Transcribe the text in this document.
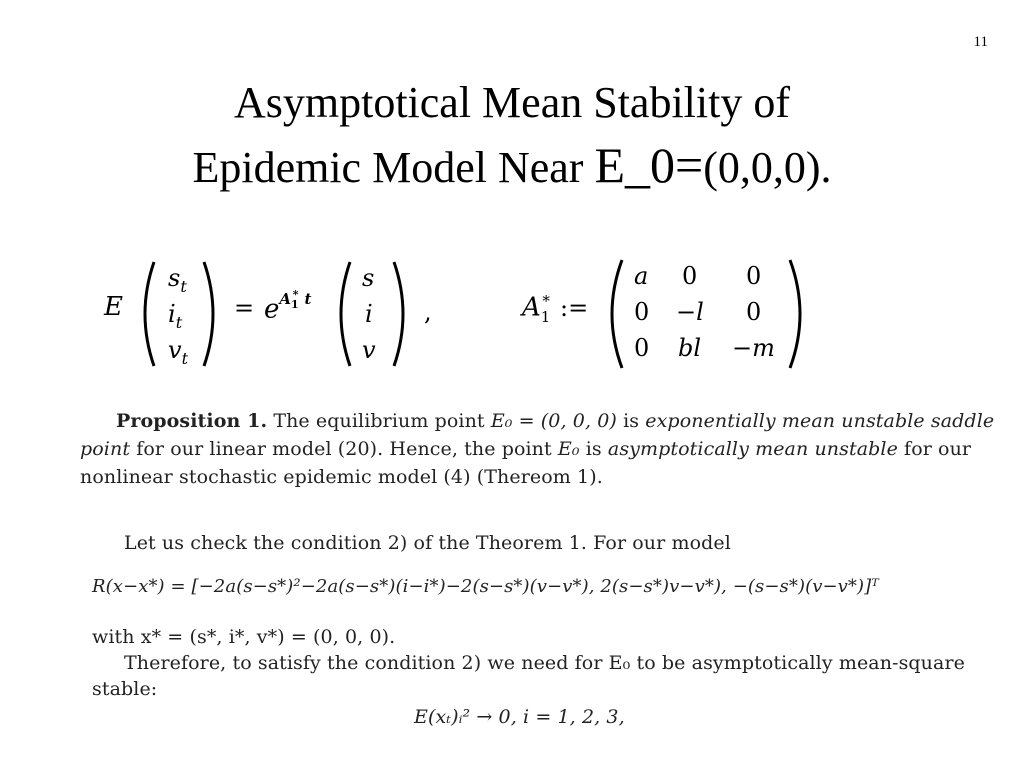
11
Asymptotical Mean Stability of
Epidemic Model Near E_0=(0,0,0).
E
$s_t$
$i_t$
$v_t$
= $e^{A_1^* t}$
s
i
v
,	$A_1^*$ :=
a 0 0
0 −l 0
0 bl −m
Proposition 1. The equilibrium point E₀ = (0, 0, 0) is exponentially mean unstable saddle
point for our linear model (20). Hence, the point E₀ is asymptotically mean unstable for our
nonlinear stochastic epidemic model (4) (Thereom 1).
Let us check the condition 2) of the Theorem 1. For our model
R(x−x*) = [−2a(s−s*)²−2a(s−s*)(i−i*)−2(s−s*)(v−v*), 2(s−s*)v−v*), −(s−s*)(v−v*)]ᵀ
with x* = (s*, i*, v*) = (0, 0, 0).
Therefore, to satisfy the condition 2) we need for E₀ to be asymptotically mean-square
stable:
E(xₜ)ᵢ² → 0, i = 1, 2, 3,
